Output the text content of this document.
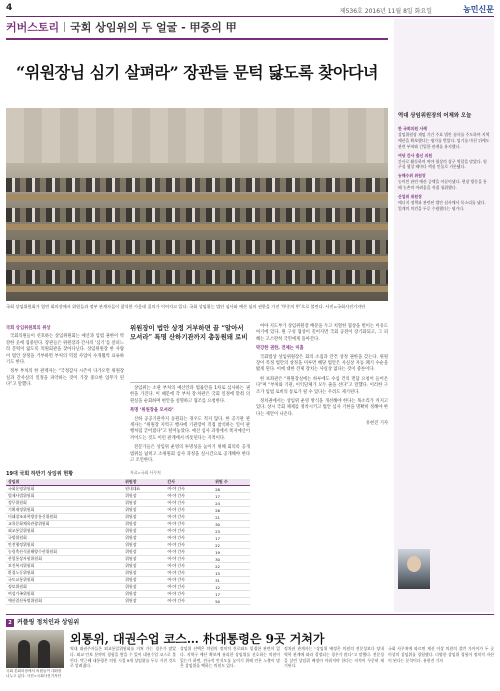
4	제536호 2016년 11월 8일 화요일	농민신문
커버스토리 국회 상임위의 두 얼굴 - 甲중의 甲
“위원장님 심기 살펴라” 장관들 문턱 닳도록 찾아다녀
국회 상임위원회가 열린 회의장에서 위원들과 정부 관계자들이 참석한 가운데 질의가 이어지고 있다. 국회 상임위는 법안 심사와 예산 심의 권한을 가진 ‘甲중의 甲’으로 불린다. 사진=국회사진기자단
국회 상임위원회의 위상

국회의원들이 선호하는 상임위원회는 예산과 입법 권한이 막강한 곳에 집중된다. 장관들은 위원장과 간사의 ‘심기’를 살피느라 문턱이 닳도록 의원회관을 찾아다닌다. 상임위원장 한 사람이 법안 상정을 거부하면 부처의 역점 사업이 수개월씩 표류하기도 한다.

정부 부처의 한 관계자는 “국정감사 시즌이 다가오면 위원장실과 간사실의 일정을 파악하는 것이 가장 중요한 업무가 된다”고 말했다.

상임위는 소관 부처의 예산안과 법률안을 1차로 심사하는 권한을 가진다. 이 때문에 각 부처 장·차관은 국회 일정에 맞춰 의원실을 순회하며 현안을 설명하고 협조를 요청한다.

특명 ‘위원장을 모셔라’

산하 공공기관까지 동원되는 경우도 적지 않다. 한 공기관 관계자는 “위원장 지역구 행사에 기관장이 직접 참석하는 일이 관행처럼 굳어졌다”고 털어놓았다. 예산 심사 과정에서 쪽지예산이 끼어드는 것도 이런 관계에서 비롯된다는 지적이다.

전문가들은 상임위 운영의 투명성을 높이기 위해 회의록 공개 범위를 넓히고 소위원회 심사 과정을 실시간으로 공개해야 한다고 조언한다.

위원장이 법안 상정 거부하면 끝 “알아서 모셔라” 특명 산하기관까지 총동원돼 로비

여야 지도부가 상임위원장 배분을 두고 치열한 협상을 벌이는 이유도 여기에 있다. 원 구성 협상이 길어지면 국회 공전이 장기화되고, 그 피해는 고스란히 국민에게 돌아간다.

막강한 권한, 견제는 미흡

국회법상 상임위원장은 회의 소집과 안건 상정 권한을 갖는다. 위원장이 특정 법안의 상정을 미루면 해당 법안은 사실상 자동 폐기 수순을 밟게 된다. 이에 대한 견제 장치는 사실상 없다는 것이 중론이다.

한 보좌관은 “위원장실에는 하루에도 수십 건의 면담 요청이 들어온다”며 “부처와 기관, 이익단체가 모두 줄을 선다”고 말했다. 이러한 구조가 입법 로비의 통로가 될 수 있다는 우려도 제기된다.

정치권에서는 상임위 운영 방식을 개선해야 한다는 목소리가 커지고 있다. 상시 국회 체제를 정착시키고 법안 심사 기한을 명확히 정해야 한다는 제안이 나온다.

유현진 기자

19대 국회 하반기 상임위 현황	자료=국회 사무처
상임위	위원장	간사	위원 수
국회운영위원회	원내대표	여·야 간사	28
법제사법위원회	위원장	여·야 간사	17
정무위원회	위원장	여·야 간사	24
기획재정위원회	위원장	여·야 간사	26
미래창조과학방송통신위원회	위원장	여·야 간사	21
교육문화체육관광위원회	위원장	여·야 간사	30
외교통일위원회	위원장	여·야 간사	23
국방위원회	위원장	여·야 간사	17
안전행정위원회	위원장	여·야 간사	22
농림축산식품해양수산위원회	위원장	여·야 간사	19
산업통상자원위원회	위원장	여·야 간사	30
보건복지위원회	위원장	여·야 간사	22
환경노동위원회	위원장	여·야 간사	15
국토교통위원회	위원장	여·야 간사	31
정보위원회	위원장	여·야 간사	12
여성가족위원회	위원장	여·야 간사	17
예산결산특별위원회	위원장	여·야 간사	50
역대 상임위원장의 어제와 오늘
한 국회의원 사례

상임위원장 재임 기간 주요 법안 심사를 주도하며 지역 예산을 확보했다는 평가를 받았다. 임기를 마친 뒤에도 관련 부처와 긴밀한 관계를 유지했다.

여당 간사 출신 의원

간사로 활동하며 여야 협상의 창구 역할을 맡았다. 원 구성 협상 때마다 핵심 인물로 거론됐다.

농해수위 위원장

농어민 관련 예산 증액을 이끌어냈다. 현장 방문을 통해 농촌의 어려움을 직접 청취했다.

산업위 위원장

에너지 정책과 관련된 법안 심사에서 목소리를 냈다. 업계의 의견을 두루 수렴했다는 평가다.

2 커플링 정치인과 상임위
국회 본회의장에서 의원들이 대화를 나누고 있다. 사진=국회사진기자단
외통위, 대권수업 코스… 朴대통령은 9곳 거쳐가
역대 대권주자들은 외교통일위원회를 거쳐 가는 경우가 많았다. 외교 안보 분야의 경험을 쌓을 수 있어 대권수업 코스로 불린다. 박근혜 대통령은 의원 시절 9개 상임위를 두루 거친 것으로 알려졌다.
상임위 선택은 의원의 정치적 진로와도 밀접한 관련이 있다. 지역구 예산 확보에 유리한 상임위를 선호하는 의원이 있는가 하면, 전국적 인지도를 높이기 위해 언론 노출이 많은 상임위를 택하는 의원도 있다.
정치권 관계자는 “상임위 배정은 의원의 전문성보다 당내 역학 관계에 따라 결정되는 경우가 많다”고 말했다. 전문성을 살린 상임위 배정이 이뤄져야 한다는 지적이 꾸준히 제기된다.
국회 사무처에 따르면 재선 이상 의원의 절반 가까이가 두 곳 이상의 상임위를 경험했다. 다양한 상임위 경험이 정치적 자산이 된다는 분석이다. 유현진 기자
